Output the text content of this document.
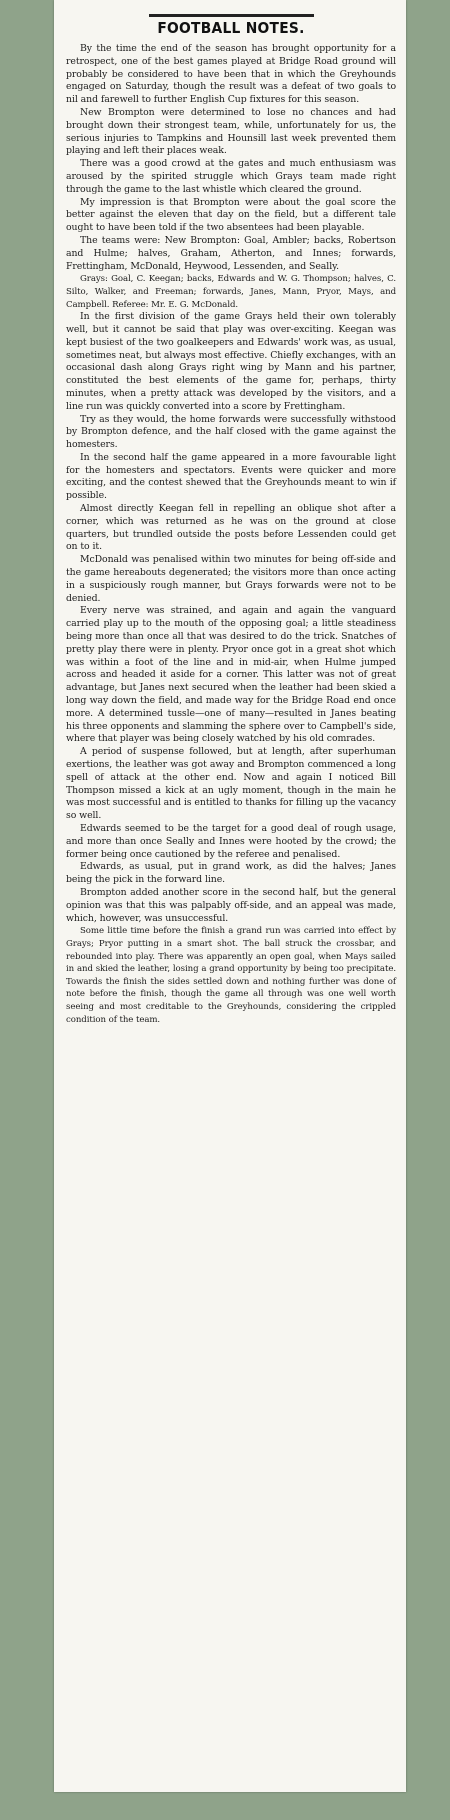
FOOTBALL NOTES.

By the time the end of the season has brought opportunity for a retrospect, one of the best games played at Bridge Road ground will probably be considered to have been that in which the Greyhounds engaged on Saturday, though the result was a defeat of two goals to nil and farewell to further English Cup fixtures for this season.

New Brompton were determined to lose no chances and had brought down their strongest team, while, unfortunately for us, the serious injuries to Tampkins and Hounsill last week prevented them playing and left their places weak.

There was a good crowd at the gates and much enthusiasm was aroused by the spirited struggle which Grays team made right through the game to the last whistle which cleared the ground.

My impression is that Brompton were about the goal score the better against the eleven that day on the field, but a different tale ought to have been told if the two absentees had been playable.

The teams were: New Brompton: Goal, Ambler; backs, Robertson and Hulme; halves, Graham, Atherton, and Innes; forwards, Frettingham, McDonald, Heywood, Lessenden, and Seally.

Grays: Goal, C. Keegan; backs, Edwards and W. G. Thompson; halves, C. Silto, Walker, and Freeman; forwards, Janes, Mann, Pryor, Mays, and Campbell. Referee: Mr. E. G. McDonald.

In the first division of the game Grays held their own tolerably well, but it cannot be said that play was over-exciting. Keegan was kept busiest of the two goalkeepers and Edwards' work was, as usual, sometimes neat, but always most effective. Chiefly exchanges, with an occasional dash along Grays right wing by Mann and his partner, constituted the best elements of the game for, perhaps, thirty minutes, when a pretty attack was developed by the visitors, and a line run was quickly converted into a score by Frettingham.

Try as they would, the home forwards were successfully withstood by Brompton defence, and the half closed with the game against the homesters.

In the second half the game appeared in a more favourable light for the homesters and spectators. Events were quicker and more exciting, and the contest shewed that the Greyhounds meant to win if possible.

Almost directly Keegan fell in repelling an oblique shot after a corner, which was returned as he was on the ground at close quarters, but trundled outside the posts before Lessenden could get on to it.

McDonald was penalised within two minutes for being off-side and the game hereabouts degenerated; the visitors more than once acting in a suspiciously rough manner, but Grays forwards were not to be denied.

Every nerve was strained, and again and again the vanguard carried play up to the mouth of the opposing goal; a little steadiness being more than once all that was desired to do the trick. Snatches of pretty play there were in plenty. Pryor once got in a great shot which was within a foot of the line and in mid-air, when Hulme jumped across and headed it aside for a corner. This latter was not of great advantage, but Janes next secured when the leather had been skied a long way down the field, and made way for the Bridge Road end once more. A determined tussle—one of many—resulted in Janes beating his three opponents and slamming the sphere over to Campbell's side, where that player was being closely watched by his old comrades.

A period of suspense followed, but at length, after superhuman exertions, the leather was got away and Brompton commenced a long spell of attack at the other end. Now and again I noticed Bill Thompson missed a kick at an ugly moment, though in the main he was most successful and is entitled to thanks for filling up the vacancy so well.

Edwards seemed to be the target for a good deal of rough usage, and more than once Seally and Innes were hooted by the crowd; the former being once cautioned by the referee and penalised.

Edwards, as usual, put in grand work, as did the halves; Janes being the pick in the forward line.

Brompton added another score in the second half, but the general opinion was that this was palpably off-side, and an appeal was made, which, however, was unsuccessful.

Some little time before the finish a grand run was carried into effect by Grays; Pryor putting in a smart shot. The ball struck the crossbar, and rebounded into play. There was apparently an open goal, when Mays sailed in and skied the leather, losing a grand opportunity by being too precipitate. Towards the finish the sides settled down and nothing further was done of note before the finish, though the game all through was one well worth seeing and most creditable to the Greyhounds, considering the crippled condition of the team.
